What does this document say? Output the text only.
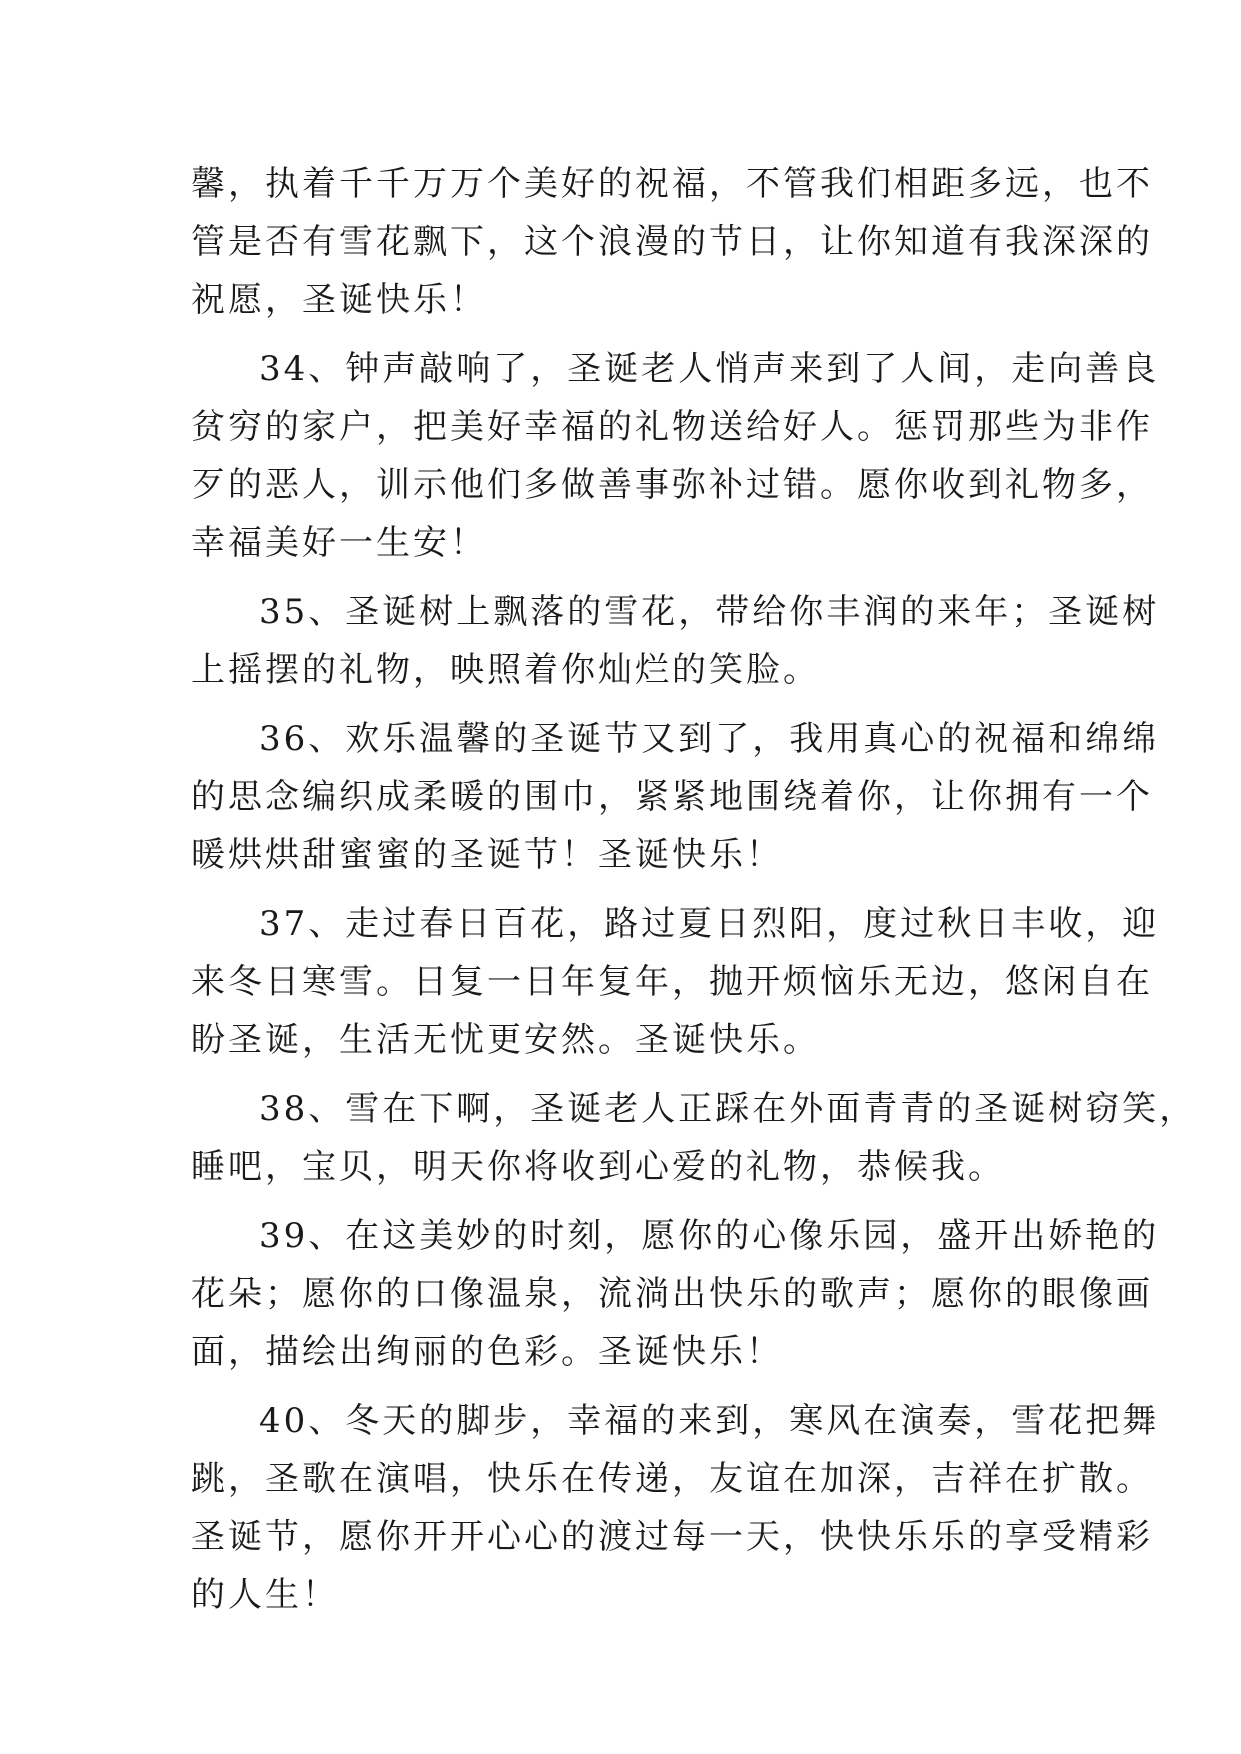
馨，执着千千万万个美好的祝福，不管我们相距多远，也不
管是否有雪花飘下，这个浪漫的节日，让你知道有我深深的
祝愿，圣诞快乐！
34、钟声敲响了，圣诞老人悄声来到了人间，走向善良
贫穷的家户，把美好幸福的礼物送给好人。惩罚那些为非作
歹的恶人，训示他们多做善事弥补过错。愿你收到礼物多，
幸福美好一生安！
35、圣诞树上飘落的雪花，带给你丰润的来年；圣诞树
上摇摆的礼物，映照着你灿烂的笑脸。
36、欢乐温馨的圣诞节又到了，我用真心的祝福和绵绵
的思念编织成柔暖的围巾，紧紧地围绕着你，让你拥有一个
暖烘烘甜蜜蜜的圣诞节！圣诞快乐！
37、走过春日百花，路过夏日烈阳，度过秋日丰收，迎
来冬日寒雪。日复一日年复年，抛开烦恼乐无边，悠闲自在
盼圣诞，生活无忧更安然。圣诞快乐。
38、雪在下啊，圣诞老人正踩在外面青青的圣诞树窃笑，
睡吧，宝贝，明天你将收到心爱的礼物，恭候我。
39、在这美妙的时刻，愿你的心像乐园，盛开出娇艳的
花朵；愿你的口像温泉，流淌出快乐的歌声；愿你的眼像画
面，描绘出绚丽的色彩。圣诞快乐！
40、冬天的脚步，幸福的来到，寒风在演奏，雪花把舞
跳，圣歌在演唱，快乐在传递，友谊在加深，吉祥在扩散。
圣诞节，愿你开开心心的渡过每一天，快快乐乐的享受精彩
的人生！
